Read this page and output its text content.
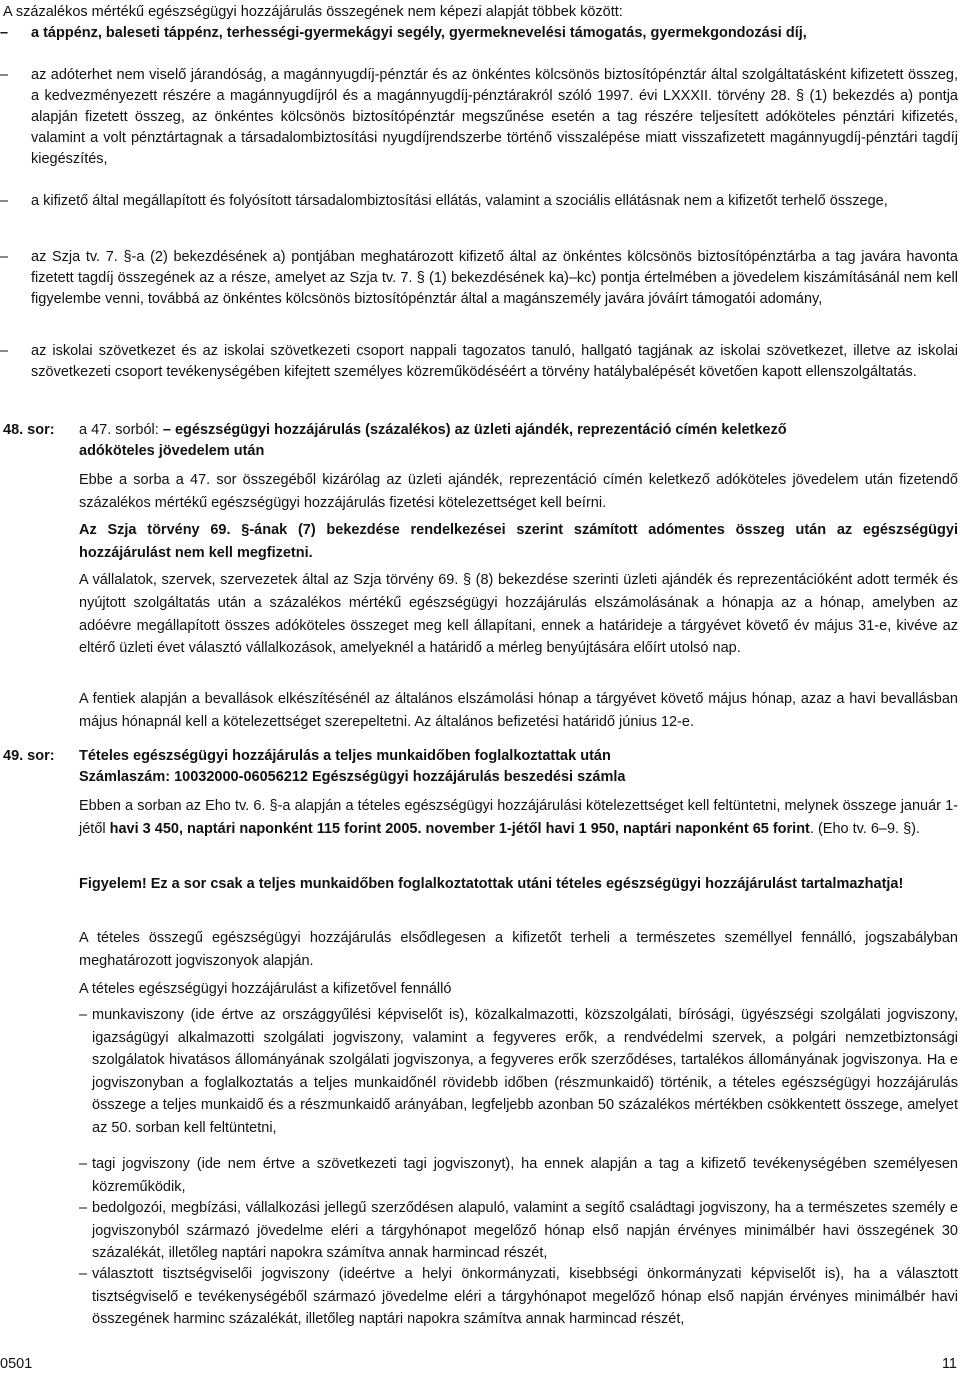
A százalékos mértékű egészségügyi hozzájárulás összegének nem képezi alapját többek között:

–	a táppénz, baleseti táppénz, terhességi-gyermekágyi segély, gyermeknevelési támogatás, gyermekgondozási díj,
–	az adóterhet nem viselő járandóság, a magánnyugdíj-pénztár és az önkéntes kölcsönös biztosítópénztár által szolgáltatásként kifizetett összeg, a kedvezményezett részére a magánnyugdíjról és a magánnyugdíj-pénztárakról szóló 1997. évi LXXXII. törvény 28. § (1) bekezdés a) pontja alapján fizetett összeg, az önkéntes kölcsönös biztosítópénztár megszűnése esetén a tag részére teljesített adóköteles pénztári kifizetés, valamint a volt pénztártagnak a társadalombiztosítási nyugdíjrendszerbe történő visszalépése miatt visszafizetett magánnyugdíj-pénztári tagdíj kiegészítés,
–	a kifizető által megállapított és folyósított társadalombiztosítási ellátás, valamint a szociális ellátásnak nem a kifizetőt terhelő összege,
–	az Szja tv. 7. §-a (2) bekezdésének a) pontjában meghatározott kifizető által az önkéntes kölcsönös biztosítópénztárba a tag javára havonta fizetett tagdíj összegének az a része, amelyet az Szja tv. 7. § (1) bekezdésének ka)–kc) pontja értelmében a jövedelem kiszámításánál nem kell figyelembe venni, továbbá az önkéntes kölcsönös biztosítópénztár által a magánszemély javára jóváírt támogatói adomány,
–	az iskolai szövetkezet és az iskolai szövetkezeti csoport nappali tagozatos tanuló, hallgató tagjának az iskolai szövetkezet, illetve az iskolai szövetkezeti csoport tevékenységében kifejtett személyes közreműködéséért a törvény hatálybalépését követően kapott ellenszolgáltatás.

48. sor: a 47. sorból: – egészségügyi hozzájárulás (százalékos) az üzleti ajándék, reprezentáció címén keletkező

adóköteles jövedelem után

Ebbe a sorba a 47. sor összegéből kizárólag az üzleti ajándék, reprezentáció címén keletkező adóköteles jövedelem után fizetendő százalékos mértékű egészségügyi hozzájárulás fizetési kötelezettséget kell beírni.

Az Szja törvény 69. §-ának (7) bekezdése rendelkezései szerint számított adómentes összeg után az egészségügyi hozzájárulást nem kell megfizetni.

A vállalatok, szervek, szervezetek által az Szja törvény 69. § (8) bekezdése szerinti üzleti ajándék és reprezentációként adott termék és nyújtott szolgáltatás után a százalékos mértékű egészségügyi hozzájárulás elszámolásának a hónapja az a hónap, amelyben az adóévre megállapított összes adóköteles összeget meg kell állapítani, ennek a határideje a tárgyévet követő év május 31-e, kivéve az eltérő üzleti évet választó vállalkozások, amelyeknél a határidő a mérleg benyújtására előírt utolsó nap.

A fentiek alapján a bevallások elkészítésénél az általános elszámolási hónap a tárgyévet követő május hónap, azaz a havi bevallásban május hónapnál kell a kötelezettséget szerepeltetni. Az általános befizetési határidő június 12-e.

49. sor: Tételes egészségügyi hozzájárulás a teljes munkaidőben foglalkoztattak után

Számlaszám: 10032000-06056212 Egészségügyi hozzájárulás beszedési számla

Ebben a sorban az Eho tv. 6. §-a alapján a tételes egészségügyi hozzájárulási kötelezettséget kell feltüntetni, melynek összege január 1-jétől havi 3 450, naptári naponként 115 forint 2005. november 1-jétől havi 1 950, naptári naponként 65 forint. (Eho tv. 6–9. §).

Figyelem! Ez a sor csak a teljes munkaidőben foglalkoztatottak utáni tételes egészségügyi hozzájárulást tartalmazhatja!

A tételes összegű egészségügyi hozzájárulás elsődlegesen a kifizetőt terheli a természetes személlyel fennálló, jogszabályban meghatározott jogviszonyok alapján.

A tételes egészségügyi hozzájárulást a kifizetővel fennálló

– munkaviszony (ide értve az országgyűlési képviselőt is), közalkalmazotti, közszolgálati, bírósági, ügyészségi szolgálati jogviszony, igazságügyi alkalmazotti szolgálati jogviszony, valamint a fegyveres erők, a rendvédelmi szervek, a polgári nemzetbiztonsági szolgálatok hivatásos állományának szolgálati jogviszonya, a fegyveres erők szerződéses, tartalékos állományának jogviszonya. Ha e jogviszonyban a foglalkoztatás a teljes munkaidőnél rövidebb időben (részmunkaidő) történik, a tételes egészségügyi hozzájárulás összege a teljes munkaidő és a részmunkaidő arányában, legfeljebb azonban 50 százalékos mértékben csökkentett összege, amelyet az 50. sorban kell feltüntetni,
– tagi jogviszony (ide nem értve a szövetkezeti tagi jogviszonyt), ha ennek alapján a tag a kifizető tevékenységében személyesen közreműködik,
– bedolgozói, megbízási, vállalkozási jellegű szerződésen alapuló, valamint a segítő családtagi jogviszony, ha a természetes személy e jogviszonyból származó jövedelme eléri a tárgyhónapot megelőző hónap első napján érvényes minimálbér havi összegének 30 százalékát, illetőleg naptári napokra számítva annak harmincad részét,
– választott tisztségviselői jogviszony (ideértve a helyi önkormányzati, kisebbségi önkormányzati képviselőt is), ha a választott tisztségviselő e tevékenységéből származó jövedelme eléri a tárgyhónapot megelőző hónap első napján érvényes minimálbér havi összegének harminc százalékát, illetőleg naptári napokra számítva annak harmincad részét,
0501	11
